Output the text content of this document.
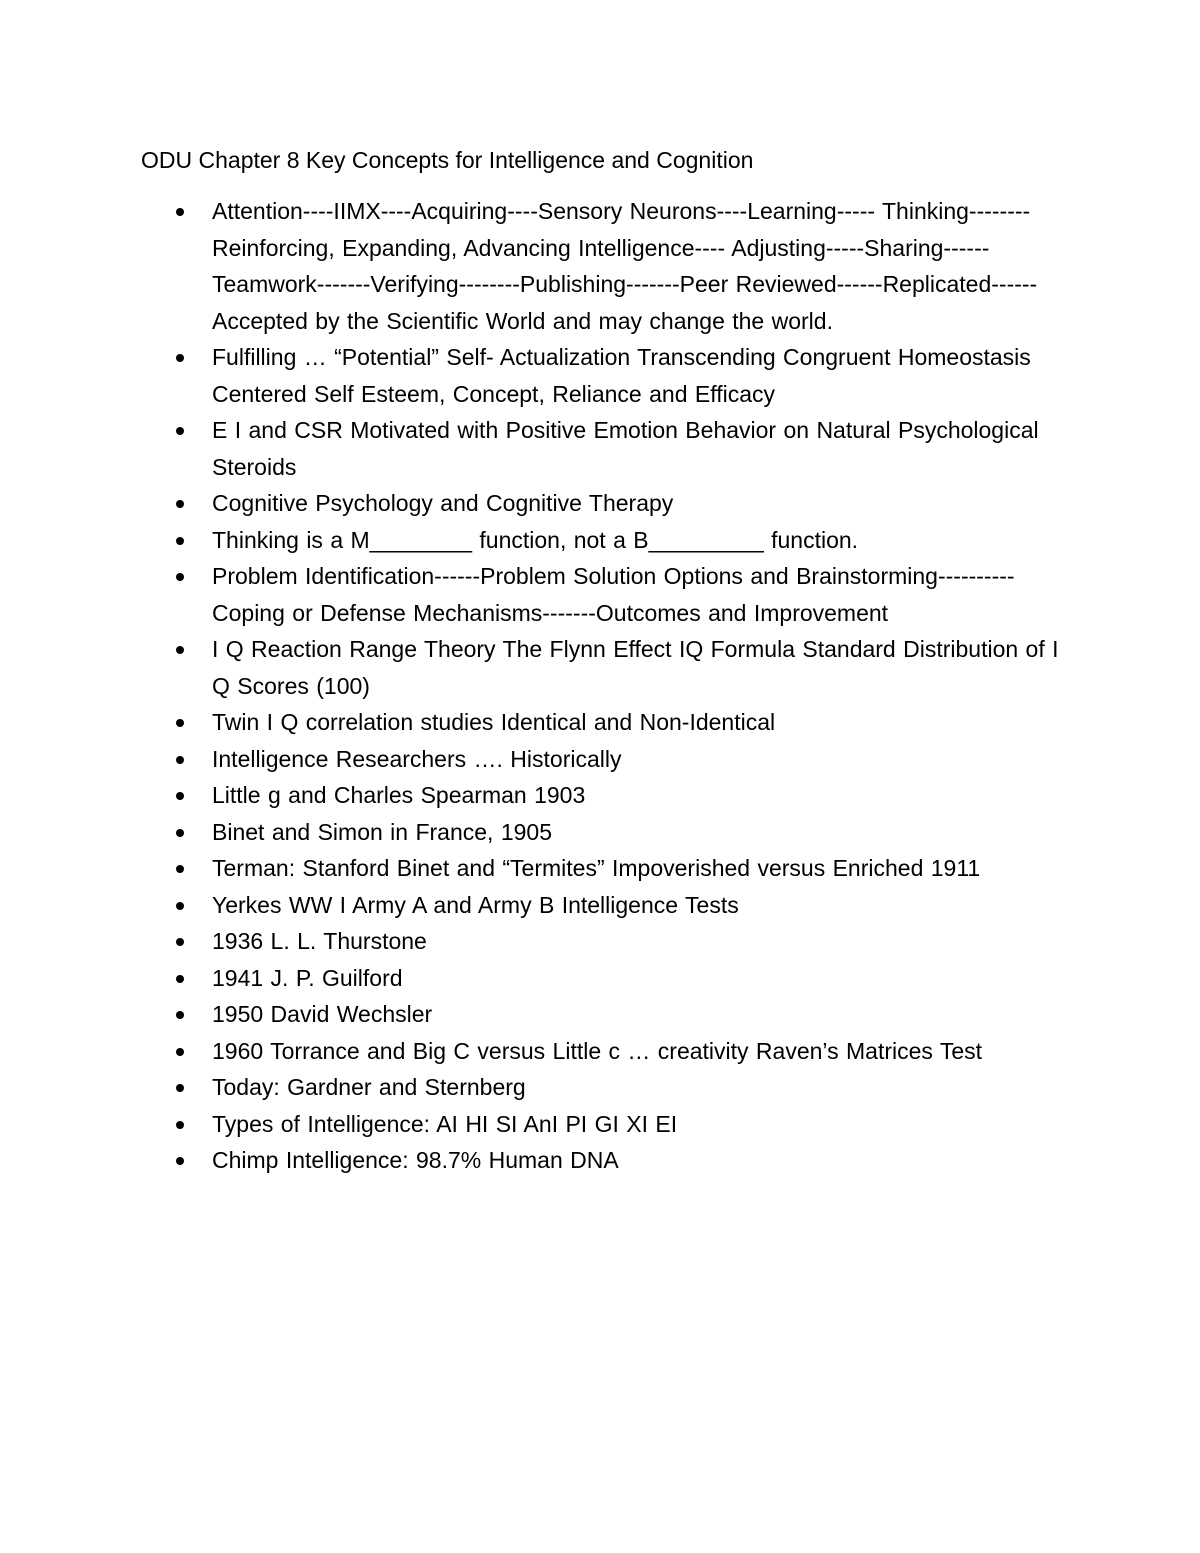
ODU Chapter 8 Key Concepts for Intelligence and Cognition
Attention----IIMX----Acquiring----Sensory Neurons----Learning----- Thinking--------Reinforcing, Expanding, Advancing Intelligence---- Adjusting-----Sharing------Teamwork-------Verifying--------Publishing-------Peer Reviewed------Replicated------Accepted by the Scientific World and may change the world.
Fulfilling … “Potential” Self- Actualization Transcending Congruent Homeostasis Centered Self Esteem, Concept, Reliance and Efficacy
E I and CSR Motivated with Positive Emotion Behavior on Natural Psychological Steroids
Cognitive Psychology and Cognitive Therapy
Thinking is a M________ function, not a B_________ function.
Problem Identification------Problem Solution Options and Brainstorming----------Coping or Defense Mechanisms-------Outcomes and Improvement
I Q Reaction Range Theory The Flynn Effect IQ Formula Standard Distribution of I Q Scores (100)
Twin I Q correlation studies Identical and Non-Identical
Intelligence Researchers …. Historically
Little g and Charles Spearman 1903
Binet and Simon in France, 1905
Terman: Stanford Binet and “Termites” Impoverished versus Enriched 1911
Yerkes WW I Army A and Army B Intelligence Tests
1936 L. L. Thurstone
1941 J. P. Guilford
1950 David Wechsler
1960 Torrance and Big C versus Little c … creativity Raven’s Matrices Test
Today: Gardner and Sternberg
Types of Intelligence: AI HI SI AnI PI GI XI EI
Chimp Intelligence: 98.7% Human DNA
